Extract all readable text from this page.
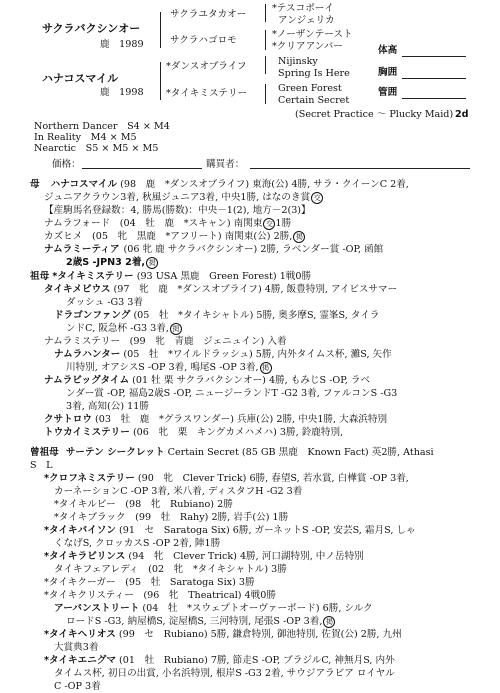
サクラバクシンオー
鹿　1989
ハナコスマイル
鹿　1998
サクラユタカオー
サクラハゴロモ
*ダンスオブライフ
*タイキミステリー
*テスコボーイ
アンジェリカ
*ノーザンテースト
*クリアアンバー
Nijinsky
Spring Is Here
Green Forest
Certain Secret
(Secret Practice ～ Plucky Maid) 2d
体高
胸囲
管囲
Northern Dancer　S4 × M4
In Reality　M4 × M5
Nearctic　S5 × M5 × M5
価格：	購買者：
母 ハナコスマイル (98　鹿　*ダンスオブライフ) 東海(公) 4勝, サラ・クイーンC 2着,
ジュニアクラウン3着, 秋風ジュニア3着, 中央1勝, はなのき賞 交
【産駒馬名登録数：4, 勝馬(勝数)：中央－1(2), 地方－2(3)】
ナムラフォード　(04　牡　鹿　*スキャン) 南関東 交 1勝
カズヒメ　(05　牝　黒鹿　*アフリート) 南関東(公) 2勝, 掲
ナムラミーティア (06 牝 鹿 サクラバクシンオー) 2勝, ラベンダー賞 -OP, 函館
2歳S -JPN3 2着, 掲
祖母 *タイキミステリー (93 USA 黒鹿　Green Forest) 1戦0勝
タイキメビウス (97　牝　鹿　*ダンスオブライフ) 4勝, 飯豊特別, アイビスサマー
ダッシュ -G3 3着
ドラゴンファング (05　牡　*タイキシャトル) 5勝, 奥多摩S, 霊峯S, タイラ
ンドC, 阪急杯 -G3 3着, 掲
ナムラミステリー　(99　牝　青鹿　ジェニュイン) 入着
ナムラハンター (05　牡　*ワイルドラッシュ) 5勝, 内外タイムス杯, 灘S, 矢作
川特別, オアシスS -OP 3着, 鳴尾S -OP 3着, 掲
ナムラビッグタイム (01 牡 栗 サクラバクシンオー) 4勝, もみじS -OP, ラベ
ンダー賞 -OP, 福島2歳S -OP, ニュージーランドT -G2 3着, ファルコンS -G3
3着, 高知(公) 11勝
クサトロウ (03　牡　鹿　*グラスワンダー) 兵庫(公) 2勝, 中央1勝, 大森浜特別
トウカイミステリー (06　牝　栗　キングカメハメハ) 3勝, 鈴鹿特別,
曾祖母 サーテン シークレット Certain Secret (85 GB 黒鹿　Known Fact) 英2勝, Athasi
S　L
*クロフネミステリー (90　牝　Clever Trick) 6勝, 春望S, 若水賞, 白樺賞 -OP 3着,
カーネーションC -OP 3着, 米八着, ディスタフH -G2 3着
*タイキルビー　(98　牝　Rubiano) 2勝
*タイキブラック　(99　牡　Rahy) 2勝, 岩手(公) 1勝
*タイキバイソン (91　セ　Saratoga Six) 6勝, ガーネットS -OP, 安芸S, 霜月S, しゃ
くなげS, クロッカスS -OP 2着, 陣1勝
*タイキラビリンス (94　牝　Clever Trick) 4勝, 河口湖特別, 中ノ岳特別
タイキフェアレディ　(02　牝　*タイキシャトル) 3勝
*タイキクーガー　(95　牡　Saratoga Six) 3勝
*タイキクリスティー　(96　牝　Theatrical) 4戦0勝
アーバンストリート (04　牡　*スウェプトオーヴァーボード) 6勝, シルク
ロードS -G3, 納屋橋S, 淀屋橋S, 三河特別, 尾張S -OP 3着, 掲
*タイキヘリオス (99　セ　Rubiano) 5勝, 鎌倉特別, 御池特別, 佐賀(公) 2勝, 九州
大賞典3着
*タイキエニグマ (01　牡　Rubiano) 7勝, 節走S -OP, ブラジルC, 神無月S, 内外
タイムス杯, 初日の出賞, 小名浜特別, 根岸S -G3 2着, サウジアラビア ロイヤル
C -OP 3着
